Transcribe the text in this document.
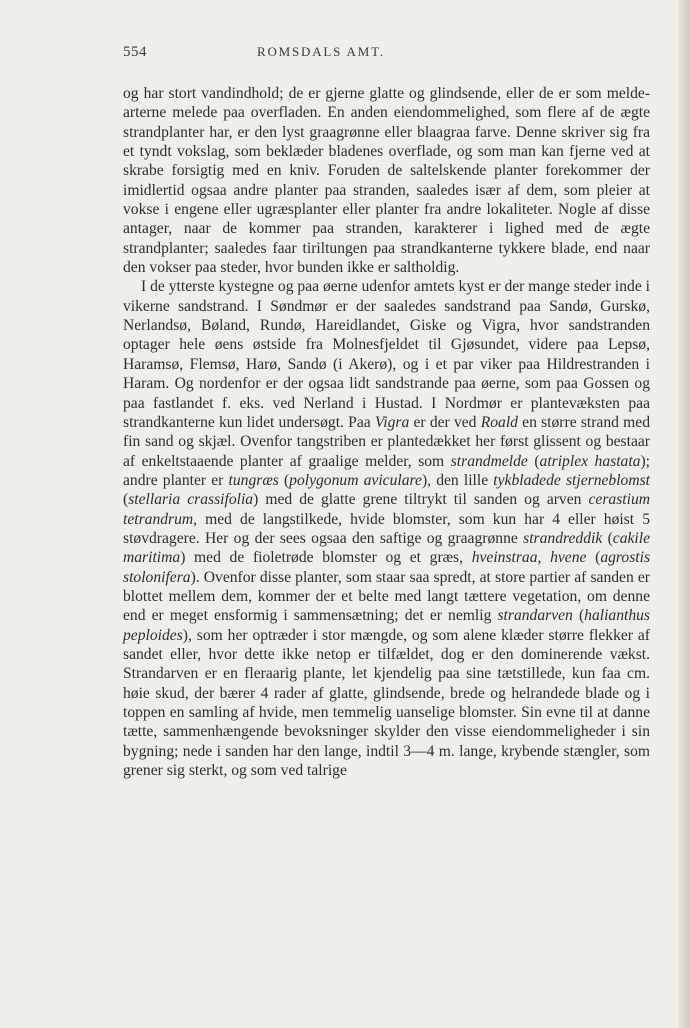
554	ROMSDALS AMT.

og har stort vandindhold; de er gjerne glatte og glindsende, eller de er som melde-arterne melede paa overfladen. En anden eiendommelighed, som flere af de ægte strandplanter har, er den lyst graagrønne eller blaagraa farve. Denne skriver sig fra et tyndt vokslag, som beklæder bladenes overflade, og som man kan fjerne ved at skrabe forsigtig med en kniv. Foruden de saltelskende planter forekommer der imidlertid ogsaa andre planter paa stranden, saaledes især af dem, som pleier at vokse i engene eller ugræsplanter eller planter fra andre lokaliteter. Nogle af disse antager, naar de kommer paa stranden, karakterer i lighed med de ægte strandplanter; saaledes faar tiriltungen paa strandkanterne tykkere blade, end naar den vokser paa steder, hvor bunden ikke er saltholdig.

I de ytterste kystegne og paa øerne udenfor amtets kyst er der mange steder inde i vikerne sandstrand. I Søndmør er der saaledes sandstrand paa Sandø, Gurskø, Nerlandsø, Bøland, Rundø, Hareidlandet, Giske og Vigra, hvor sandstranden optager hele øens østside fra Molnesfjeldet til Gjøsundet, videre paa Lepsø, Haramsø, Flemsø, Harø, Sandø (i Akerø), og i et par viker paa Hildrestranden i Haram. Og nordenfor er der ogsaa lidt sandstrande paa øerne, som paa Gossen og paa fastlandet f. eks. ved Nerland i Hustad. I Nordmør er plantevæksten paa strandkanterne kun lidet undersøgt. Paa Vigra er der ved Roald en større strand med fin sand og skjæl. Ovenfor tangstriben er plantedækket her først glissent og bestaar af enkeltstaaende planter af graalige melder, som strandmelde (atriplex hastata); andre planter er tungræs (polygonum aviculare), den lille tykbladede stjerneblomst (stellaria crassifolia) med de glatte grene tiltrykt til sanden og arven cerastium tetrandrum, med de langstilkede, hvide blomster, som kun har 4 eller høist 5 støvdragere. Her og der sees ogsaa den saftige og graagrønne strandreddik (cakile maritima) med de fioletrøde blomster og et græs, hveinstraa, hvene (agrostis stolonifera). Ovenfor disse planter, som staar saa spredt, at store partier af sanden er blottet mellem dem, kommer der et belte med langt tættere vegetation, om denne end er meget ensformig i sammensætning; det er nemlig strandarven (halianthus peploides), som her optræder i stor mængde, og som alene klæder større flekker af sandet eller, hvor dette ikke netop er tilfældet, dog er den dominerende vækst. Strandarven er en fleraarig plante, let kjendelig paa sine tætstillede, kun faa cm. høie skud, der bærer 4 rader af glatte, glindsende, brede og helrandede blade og i toppen en samling af hvide, men temmelig uanselige blomster. Sin evne til at danne tætte, sammenhængende bevoksninger skylder den visse eiendommeligheder i sin bygning; nede i sanden har den lange, indtil 3—4 m. lange, krybende stængler, som grener sig sterkt, og som ved talrige
